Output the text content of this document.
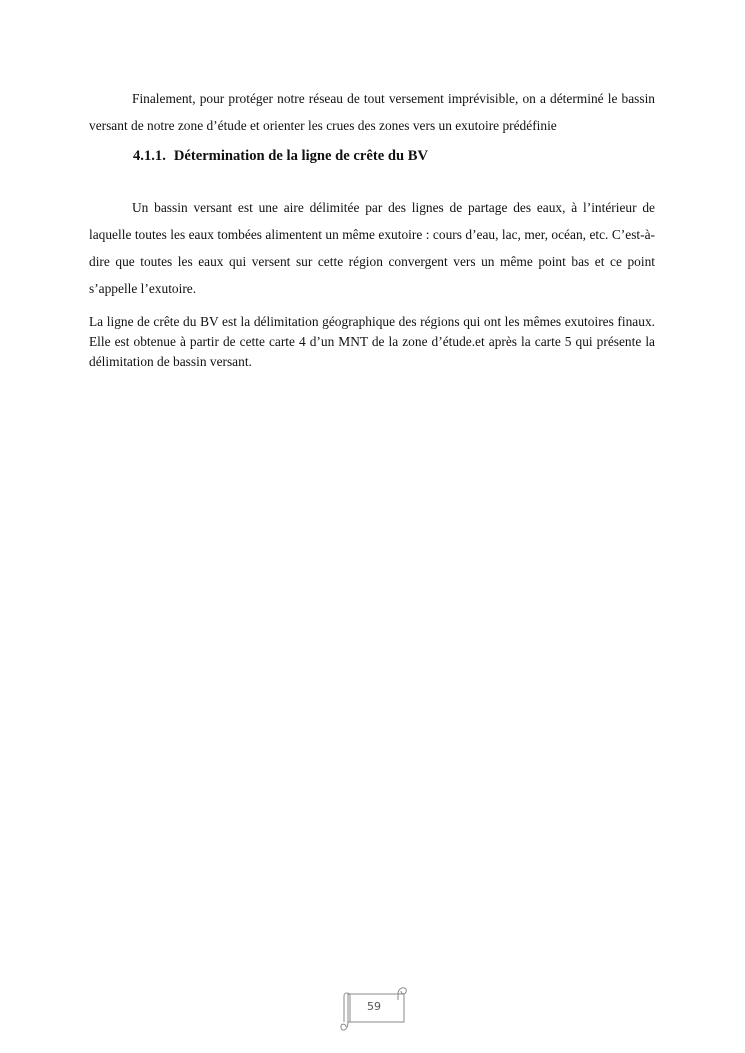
Finalement, pour protéger notre réseau de tout versement imprévisible, on a déterminé le bassin versant de notre zone d’étude et orienter les crues des zones vers un exutoire prédéfinie

4.1.1. Détermination de la ligne de crête du BV

Un bassin versant est une aire délimitée par des lignes de partage des eaux, à l’intérieur de laquelle toutes les eaux tombées alimentent un même exutoire : cours d’eau, lac, mer, océan, etc. C’est-à-dire que toutes les eaux qui versent sur cette région convergent vers un même point bas et ce point s’appelle l’exutoire.

La ligne de crête du BV est la délimitation géographique des régions qui ont les mêmes exutoires finaux. Elle est obtenue à partir de cette carte 4 d’un MNT de la zone d’étude.et après la carte 5 qui présente la délimitation de bassin versant.

59
